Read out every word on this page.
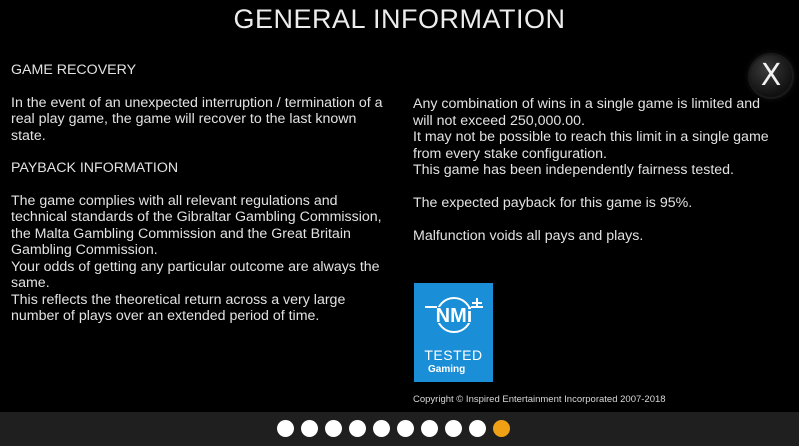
GENERAL INFORMATION
X

GAME RECOVERY

In the event of an unexpected interruption / termination of a real play game, the game will recover to the last known state.

PAYBACK INFORMATION

The game complies with all relevant regulations and technical standards of the Gibraltar Gambling Commission, the Malta Gambling Commission and the Great Britain Gambling Commission.

Your odds of getting any particular outcome are always the same.

This reflects the theoretical return across a very large number of plays over an extended period of time.

Any combination of wins in a single game is limited and will not exceed 250,000.00.

It may not be possible to reach this limit in a single game from every stake configuration.

This game has been independently fairness tested.

The expected payback for this game is 95%.

Malfunction voids all pays and plays.

NMi
TESTED
Gaming
Copyright © Inspired Entertainment Incorporated 2007-2018
